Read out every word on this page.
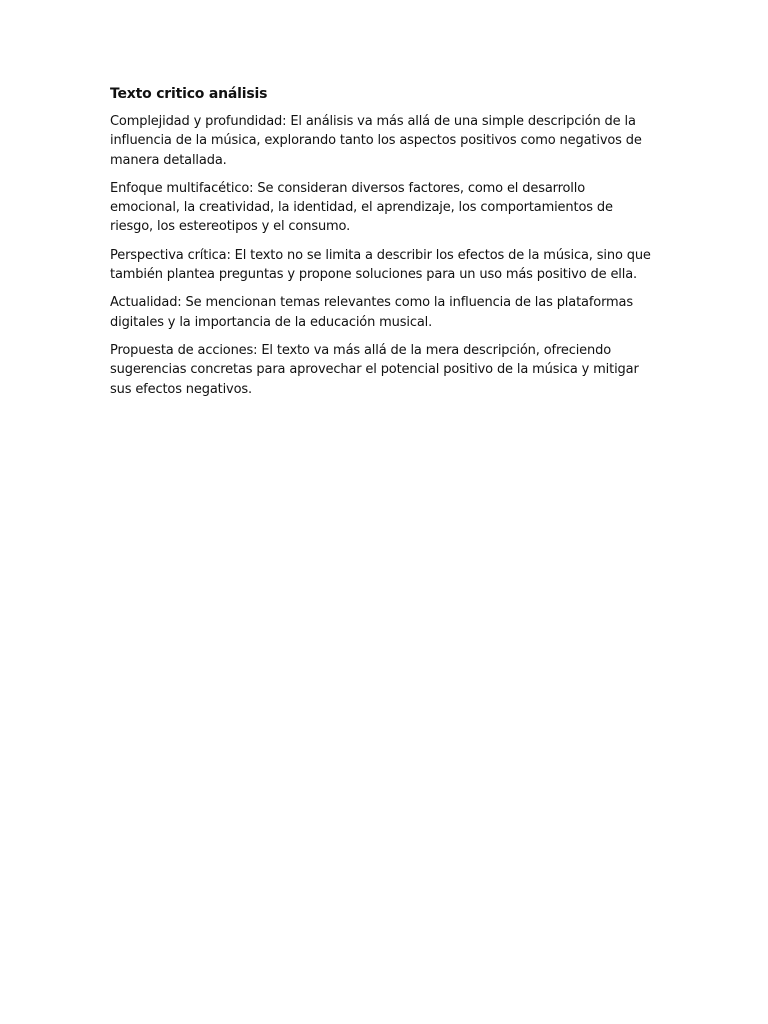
Texto critico análisis

Complejidad y profundidad: El análisis va más allá de una simple descripción de la influencia de la música, explorando tanto los aspectos positivos como negativos de manera detallada.

Enfoque multifacético: Se consideran diversos factores, como el desarrollo emocional, la creatividad, la identidad, el aprendizaje, los comportamientos de riesgo, los estereotipos y el consumo.

Perspectiva crítica: El texto no se limita a describir los efectos de la música, sino que también plantea preguntas y propone soluciones para un uso más positivo de ella.

Actualidad: Se mencionan temas relevantes como la influencia de las plataformas digitales y la importancia de la educación musical.

Propuesta de acciones: El texto va más allá de la mera descripción, ofreciendo sugerencias concretas para aprovechar el potencial positivo de la música y mitigar sus efectos negativos.
